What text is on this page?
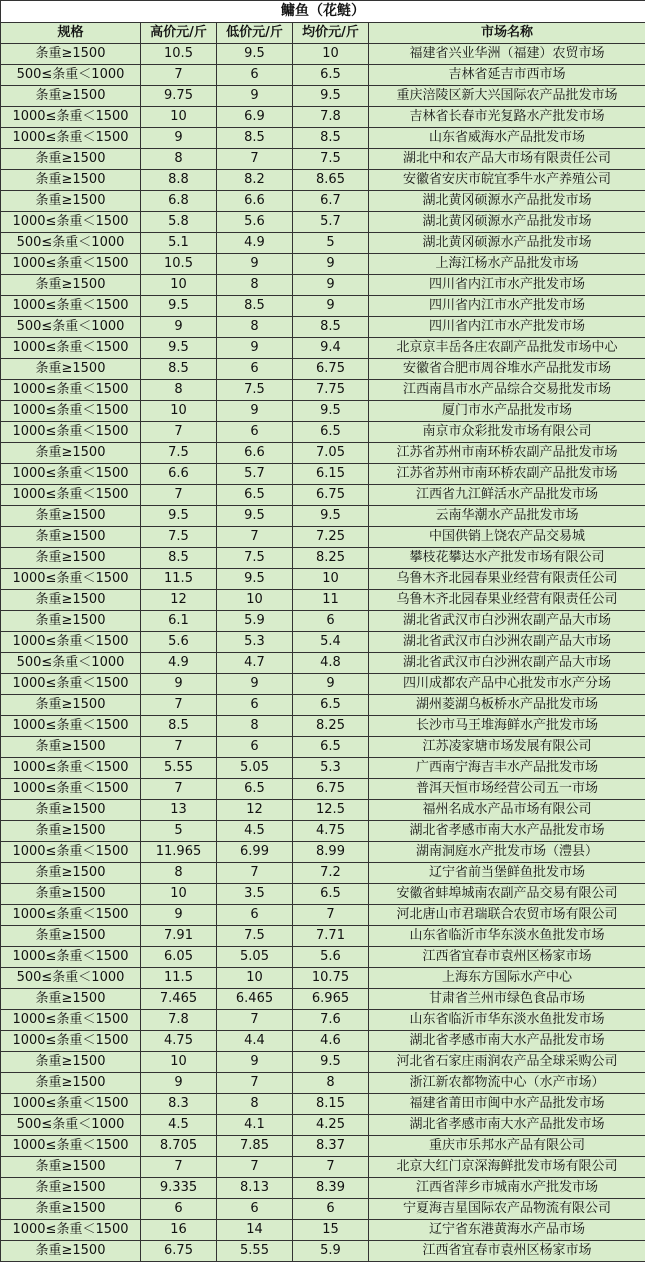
鳙鱼（花鲢）				
规格	高价元/斤	低价元/斤	均价元/斤	市场名称
条重≥1500	10.5	9.5	10	福建省兴业华洲（福建）农贸市场
500≤条重＜1000	7	6	6.5	吉林省延吉市西市场
条重≥1500	9.75	9	9.5	重庆涪陵区新大兴国际农产品批发市场
1000≤条重＜1500	10	6.9	7.8	吉林省长春市光复路水产批发市场
1000≤条重＜1500	9	8.5	8.5	山东省威海水产品批发市场
条重≥1500	8	7	7.5	湖北中和农产品大市场有限责任公司
条重≥1500	8.8	8.2	8.65	安徽省安庆市皖宜季牛水产养殖公司
条重≥1500	6.8	6.6	6.7	湖北黄冈硕源水产品批发市场
1000≤条重＜1500	5.8	5.6	5.7	湖北黄冈硕源水产品批发市场
500≤条重＜1000	5.1	4.9	5	湖北黄冈硕源水产品批发市场
1000≤条重＜1500	10.5	9	9	上海江杨水产品批发市场
条重≥1500	10	8	9	四川省内江市水产批发市场
1000≤条重＜1500	9.5	8.5	9	四川省内江市水产批发市场
500≤条重＜1000	9	8	8.5	四川省内江市水产批发市场
1000≤条重＜1500	9.5	9	9.4	北京京丰岳各庄农副产品批发市场中心
条重≥1500	8.5	6	6.75	安徽省合肥市周谷堆水产品批发市场
1000≤条重＜1500	8	7.5	7.75	江西南昌市水产品综合交易批发市场
1000≤条重＜1500	10	9	9.5	厦门市水产品批发市场
1000≤条重＜1500	7	6	6.5	南京市众彩批发市场有限公司
条重≥1500	7.5	6.6	7.05	江苏省苏州市南环桥农副产品批发市场
1000≤条重＜1500	6.6	5.7	6.15	江苏省苏州市南环桥农副产品批发市场
1000≤条重＜1500	7	6.5	6.75	江西省九江鲜活水产品批发市场
条重≥1500	9.5	9.5	9.5	云南华潮水产品批发市场
条重≥1500	7.5	7	7.25	中国供销上饶农产品交易城
条重≥1500	8.5	7.5	8.25	攀枝花攀达水产批发市场有限公司
1000≤条重＜1500	11.5	9.5	10	乌鲁木齐北园春果业经营有限责任公司
条重≥1500	12	10	11	乌鲁木齐北园春果业经营有限责任公司
条重≥1500	6.1	5.9	6	湖北省武汉市白沙洲农副产品大市场
1000≤条重＜1500	5.6	5.3	5.4	湖北省武汉市白沙洲农副产品大市场
500≤条重＜1000	4.9	4.7	4.8	湖北省武汉市白沙洲农副产品大市场
1000≤条重＜1500	9	9	9	四川成都农产品中心批发市水产分场
条重≥1500	7	6	6.5	湖州菱湖乌板桥水产品批发市场
1000≤条重＜1500	8.5	8	8.25	长沙市马王堆海鲜水产批发市场
条重≥1500	7	6	6.5	江苏凌家塘市场发展有限公司
1000≤条重＜1500	5.55	5.05	5.3	广西南宁海吉丰水产品批发市场
1000≤条重＜1500	7	6.5	6.75	普洱天恒市场经营公司五一市场
条重≥1500	13	12	12.5	福州名成水产品市场有限公司
条重≥1500	5	4.5	4.75	湖北省孝感市南大水产品批发市场
1000≤条重＜1500	11.965	6.99	8.99	湖南洞庭水产批发市场（澧县）
条重≥1500	8	7	7.2	辽宁省前当堡鲜鱼批发市场
条重≥1500	10	3.5	6.5	安徽省蚌埠城南农副产品交易有限公司
1000≤条重＜1500	9	6	7	河北唐山市君瑞联合农贸市场有限公司
条重≥1500	7.91	7.5	7.71	山东省临沂市华东淡水鱼批发市场
1000≤条重＜1500	6.05	5.05	5.6	江西省宜春市袁州区杨家市场
500≤条重＜1000	11.5	10	10.75	上海东方国际水产中心
条重≥1500	7.465	6.465	6.965	甘肃省兰州市绿色食品市场
1000≤条重＜1500	7.8	7	7.6	山东省临沂市华东淡水鱼批发市场
1000≤条重＜1500	4.75	4.4	4.6	湖北省孝感市南大水产品批发市场
条重≥1500	10	9	9.5	河北省石家庄雨润农产品全球采购公司
条重≥1500	9	7	8	浙江新农都物流中心（水产市场）
1000≤条重＜1500	8.3	8	8.15	福建省莆田市闽中水产品批发市场
500≤条重＜1000	4.5	4.1	4.25	湖北省孝感市南大水产品批发市场
1000≤条重＜1500	8.705	7.85	8.37	重庆市乐邦水产品有限公司
条重≥1500	7	7	7	北京大红门京深海鲜批发市场有限公司
条重≥1500	9.335	8.13	8.39	江西省萍乡市城南水产批发市场
条重≥1500	6	6	6	宁夏海吉星国际农产品物流有限公司
1000≤条重＜1500	16	14	15	辽宁省东港黄海水产品市场
条重≥1500	6.75	5.55	5.9	江西省宜春市袁州区杨家市场
